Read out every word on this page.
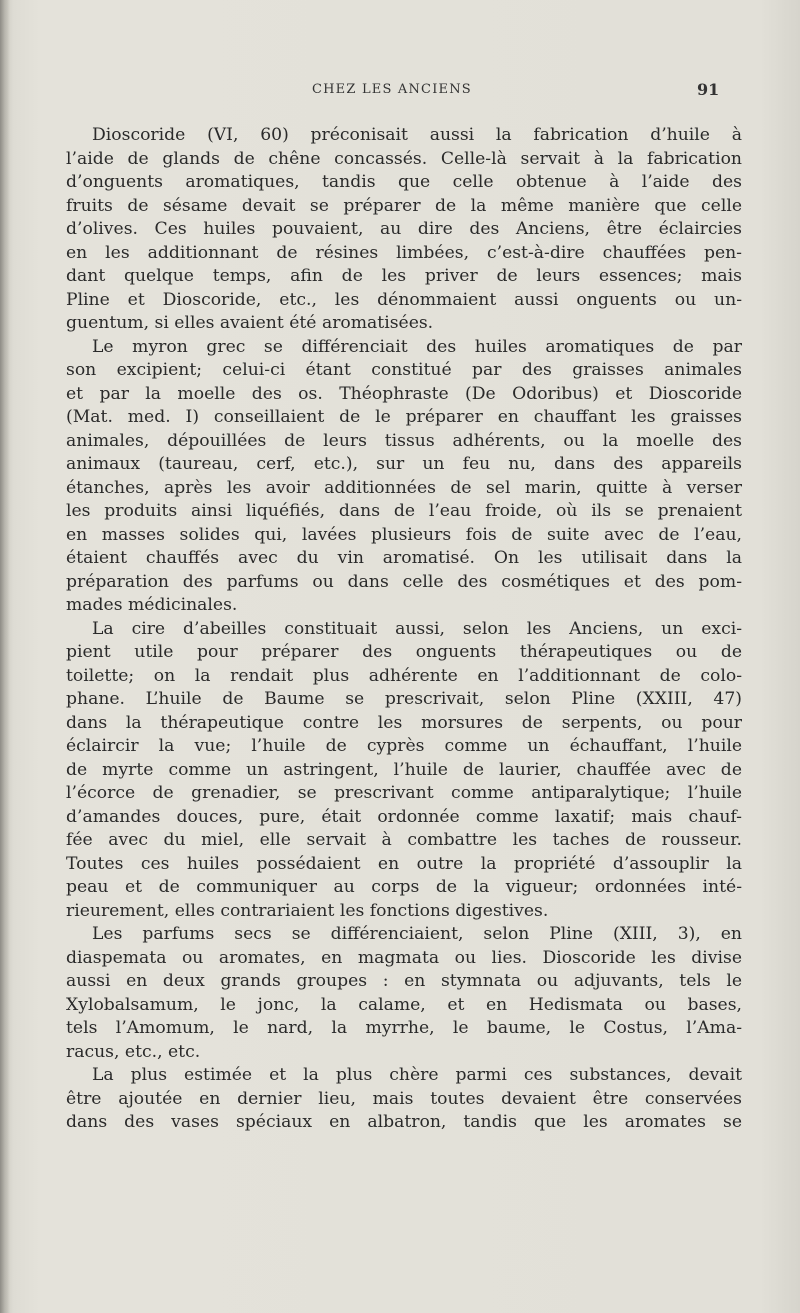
CHEZ LES ANCIENS	91
Dioscoride (VI, 60) préconisait aussi la fabrication d’huile à
l’aide de glands de chêne concassés. Celle-là servait à la fabrication
d’onguents aromatiques, tandis que celle obtenue à l’aide des
fruits de sésame devait se préparer de la même manière que celle
d’olives. Ces huiles pouvaient, au dire des Anciens, être éclaircies
en les additionnant de résines limbées, c’est-à-dire chauffées pen-
dant quelque temps, afin de les priver de leurs essences; mais
Pline et Dioscoride, etc., les dénommaient aussi onguents ou un-
guentum, si elles avaient été aromatisées.
Le myron grec se différenciait des huiles aromatiques de par
son excipient; celui-ci étant constitué par des graisses animales
et par la moelle des os. Théophraste (De Odoribus) et Dioscoride
(Mat. med. I) conseillaient de le préparer en chauffant les graisses
animales, dépouillées de leurs tissus adhérents, ou la moelle des
animaux (taureau, cerf, etc.), sur un feu nu, dans des appareils
étanches, après les avoir additionnées de sel marin, quitte à verser
les produits ainsi liquéfiés, dans de l’eau froide, où ils se prenaient
en masses solides qui, lavées plusieurs fois de suite avec de l’eau,
étaient chauffés avec du vin aromatisé. On les utilisait dans la
préparation des parfums ou dans celle des cosmétiques et des pom-
mades médicinales.
La cire d’abeilles constituait aussi, selon les Anciens, un exci-
pient utile pour préparer des onguents thérapeutiques ou de
toilette; on la rendait plus adhérente en l’additionnant de colo-
phane. L’huile de Baume se prescrivait, selon Pline (XXIII, 47)
dans la thérapeutique contre les morsures de serpents, ou pour
éclaircir la vue; l’huile de cyprès comme un échauffant, l’huile
de myrte comme un astringent, l’huile de laurier, chauffée avec de
l’écorce de grenadier, se prescrivant comme antiparalytique; l’huile
d’amandes douces, pure, était ordonnée comme laxatif; mais chauf-
fée avec du miel, elle servait à combattre les taches de rousseur.
Toutes ces huiles possédaient en outre la propriété d’assouplir la
peau et de communiquer au corps de la vigueur; ordonnées inté-
rieurement, elles contrariaient les fonctions digestives.
Les parfums secs se différenciaient, selon Pline (XIII, 3), en
diaspemata ou aromates, en magmata ou lies. Dioscoride les divise
aussi en deux grands groupes : en stymnata ou adjuvants, tels le
Xylobalsamum, le jonc, la calame, et en Hedismata ou bases,
tels l’Amomum, le nard, la myrrhe, le baume, le Costus, l’Ama-
racus, etc., etc.
La plus estimée et la plus chère parmi ces substances, devait
être ajoutée en dernier lieu, mais toutes devaient être conservées
dans des vases spéciaux en albatron, tandis que les aromates se
